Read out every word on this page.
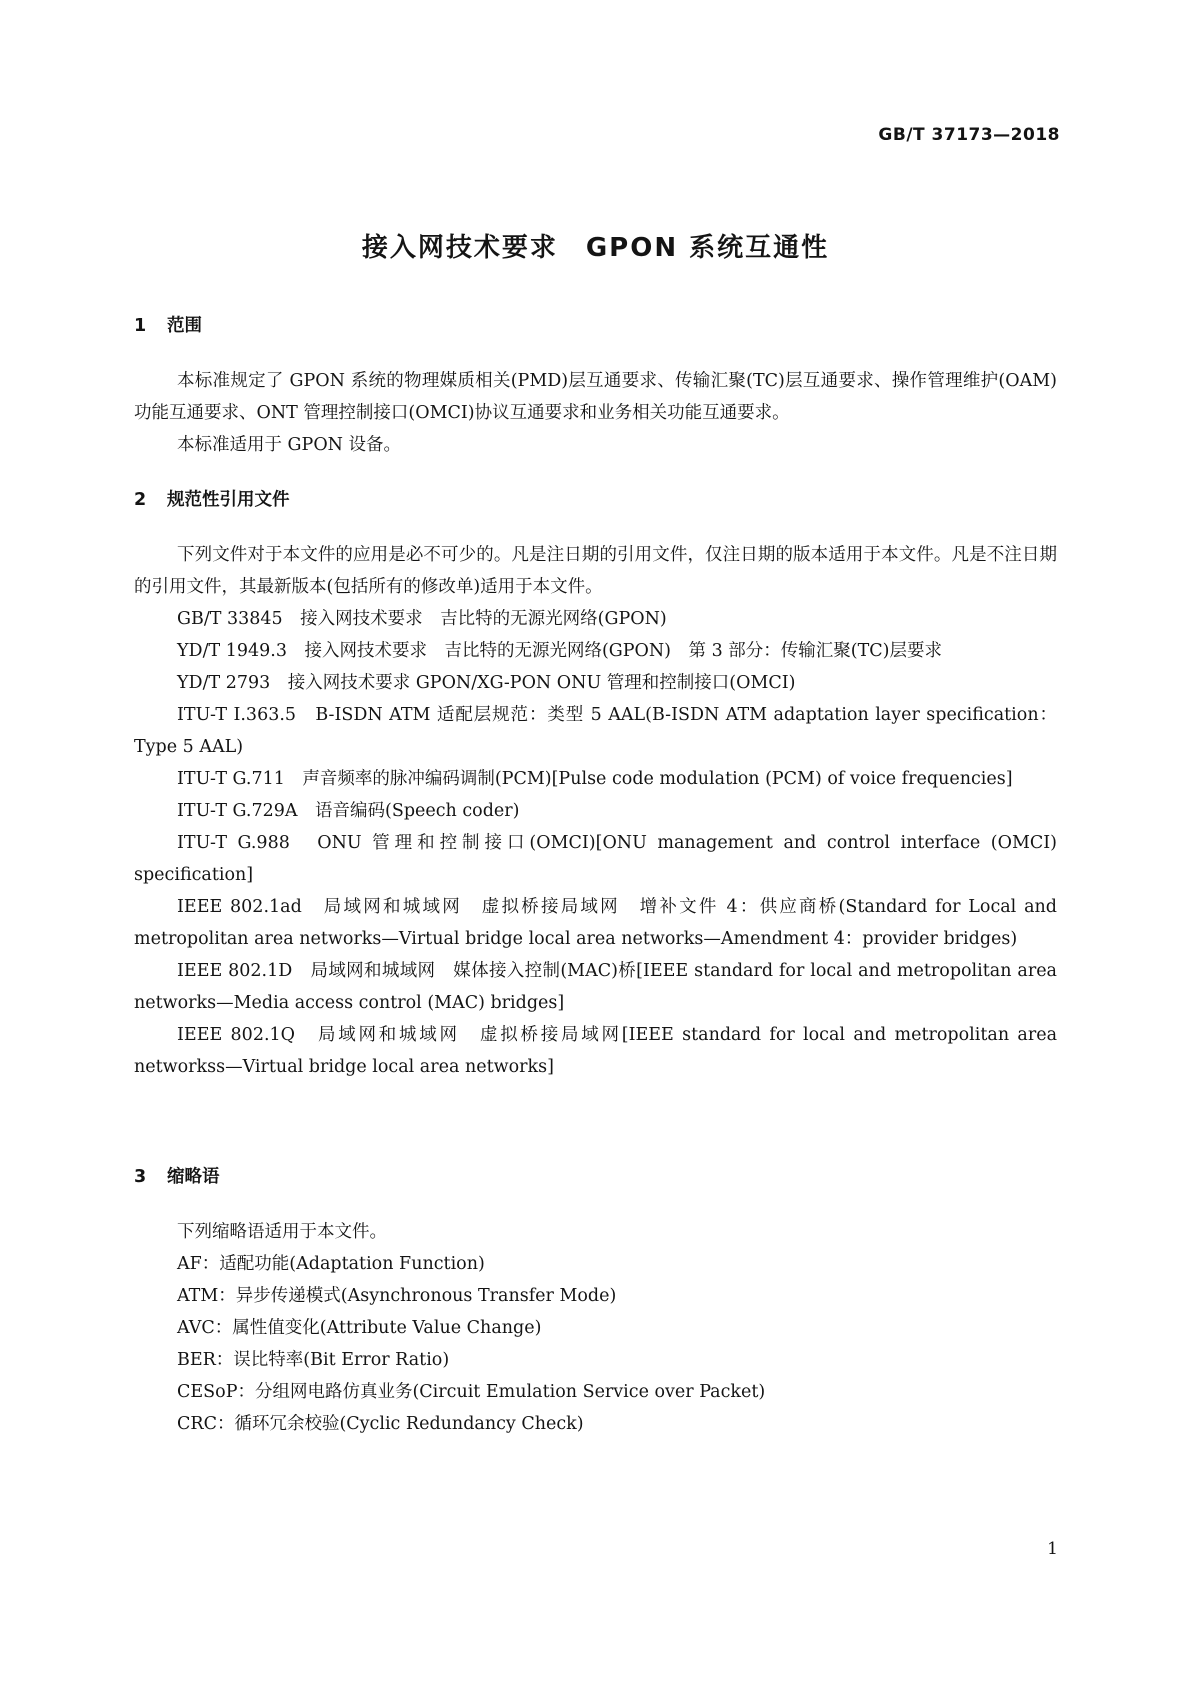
GB/T 37173—2018

接入网技术要求　GPON 系统互通性
1 范围

本标准规定了 GPON 系统的物理媒质相关(PMD)层互通要求、传输汇聚(TC)层互通要求、操作管理维护(OAM)功能互通要求、ONT 管理控制接口(OMCI)协议互通要求和业务相关功能互通要求。

本标准适用于 GPON 设备。

2 规范性引用文件

下列文件对于本文件的应用是必不可少的。凡是注日期的引用文件，仅注日期的版本适用于本文件。凡是不注日期的引用文件，其最新版本(包括所有的修改单)适用于本文件。

GB/T 33845　接入网技术要求　吉比特的无源光网络(GPON)

YD/T 1949.3　接入网技术要求　吉比特的无源光网络(GPON)　第 3 部分：传输汇聚(TC)层要求

YD/T 2793　接入网技术要求 GPON/XG-PON ONU 管理和控制接口(OMCI)

ITU-T I.363.5　B-ISDN ATM 适配层规范：类型 5 AAL(B-ISDN ATM adaptation layer specification：Type 5 AAL)

ITU-T G.711　声音频率的脉冲编码调制(PCM)[Pulse code modulation (PCM) of voice frequencies]

ITU-T G.729A　语音编码(Speech coder)

ITU-T G.988　ONU 管理和控制接口(OMCI)[ONU management and control interface (OMCI) specification]

IEEE 802.1ad　局域网和城域网　虚拟桥接局域网　增补文件 4：供应商桥(Standard for Local and metropolitan area networks—Virtual bridge local area networks—Amendment 4：provider bridges)

IEEE 802.1D　局域网和城域网　媒体接入控制(MAC)桥[IEEE standard for local and metropolitan area networks—Media access control (MAC) bridges]

IEEE 802.1Q　局域网和城域网　虚拟桥接局域网[IEEE standard for local and metropolitan area networkss—Virtual bridge local area networks]

3 缩略语

下列缩略语适用于本文件。

AF：适配功能(Adaptation Function)

ATM：异步传递模式(Asynchronous Transfer Mode)

AVC：属性值变化(Attribute Value Change)

BER：误比特率(Bit Error Ratio)

CESoP：分组网电路仿真业务(Circuit Emulation Service over Packet)

CRC：循环冗余校验(Cyclic Redundancy Check)

1
